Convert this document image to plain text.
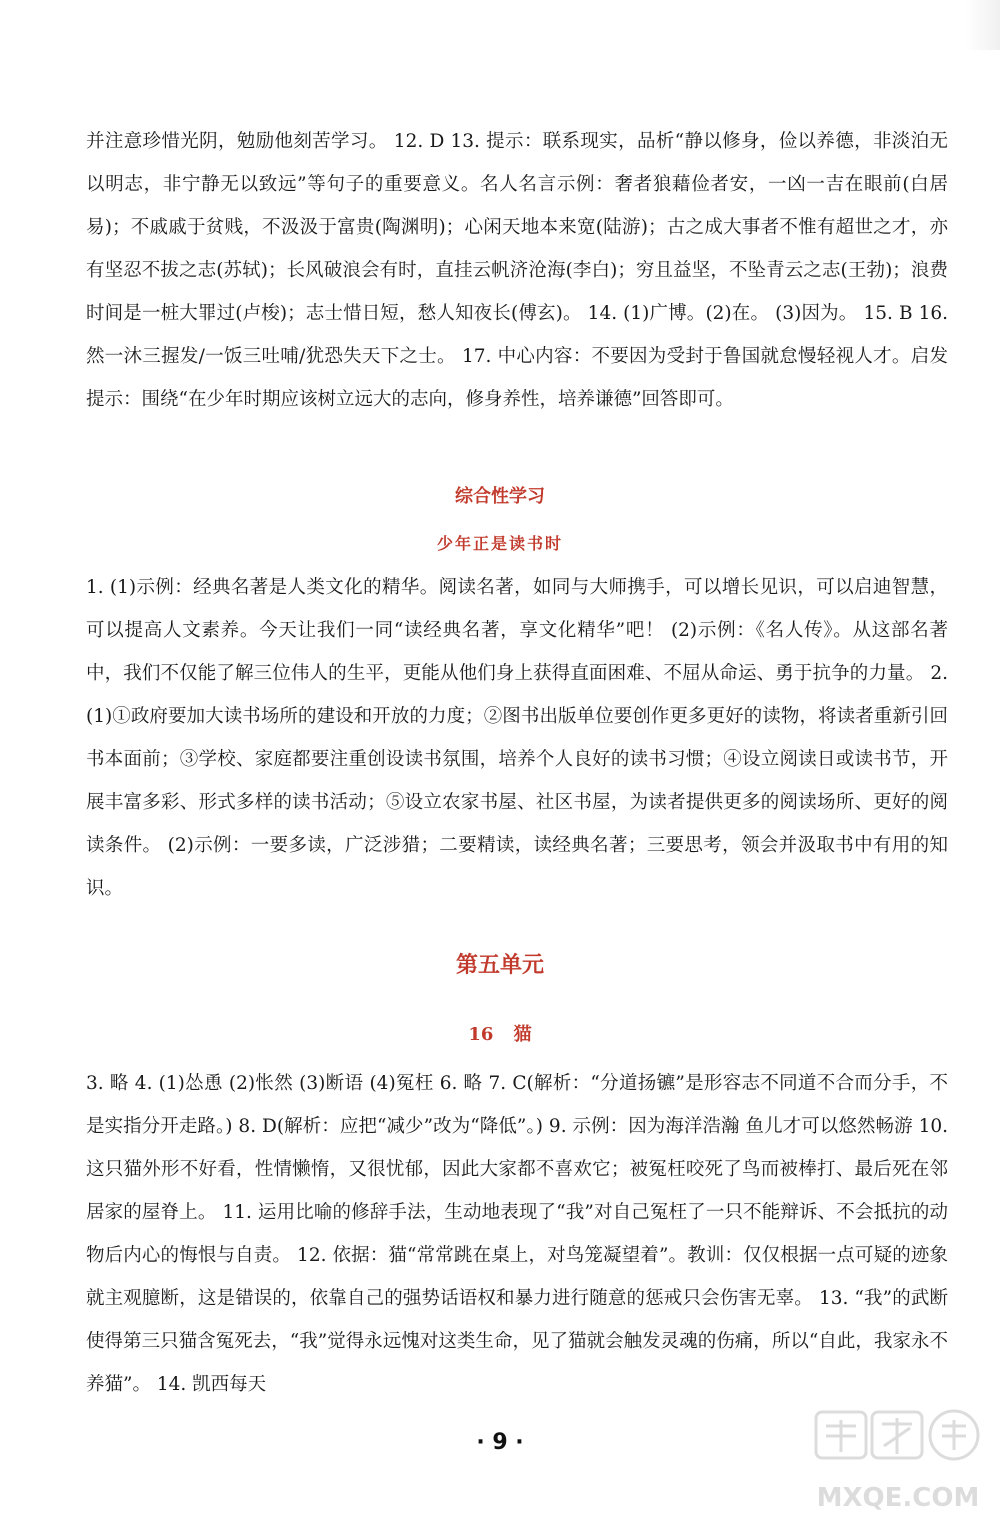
并注意珍惜光阴，勉励他刻苦学习。 12. D 13. 提示：联系现实，品析“静以修身，俭以养德，非淡泊无以明志，非宁静无以致远”等句子的重要意义。名人名言示例：奢者狼藉俭者安，一凶一吉在眼前(白居易)；不戚戚于贫贱，不汲汲于富贵(陶渊明)；心闲天地本来宽(陆游)；古之成大事者不惟有超世之才，亦有坚忍不拔之志(苏轼)；长风破浪会有时，直挂云帆济沧海(李白)；穷且益坚，不坠青云之志(王勃)；浪费时间是一桩大罪过(卢梭)；志士惜日短，愁人知夜长(傅玄)。 14. (1)广博。(2)在。 (3)因为。 15. B 16. 然一沐三握发/一饭三吐哺/犹恐失天下之士。 17. 中心内容：不要因为受封于鲁国就怠慢轻视人才。启发提示：围绕“在少年时期应该树立远大的志向，修身养性，培养谦德”回答即可。

综合性学习
少年正是读书时

1. (1)示例：经典名著是人类文化的精华。阅读名著，如同与大师携手，可以增长见识，可以启迪智慧，可以提高人文素养。今天让我们一同“读经典名著，享文化精华”吧！ (2)示例：《名人传》。从这部名著中，我们不仅能了解三位伟人的生平，更能从他们身上获得直面困难、不屈从命运、勇于抗争的力量。 2. (1)①政府要加大读书场所的建设和开放的力度；②图书出版单位要创作更多更好的读物，将读者重新引回书本面前；③学校、家庭都要注重创设读书氛围，培养个人良好的读书习惯；④设立阅读日或读书节，开展丰富多彩、形式多样的读书活动；⑤设立农家书屋、社区书屋，为读者提供更多的阅读场所、更好的阅读条件。 (2)示例：一要多读，广泛涉猎；二要精读，读经典名著；三要思考，领会并汲取书中有用的知识。

第五单元
16 猫

3. 略 4. (1)怂恿 (2)怅然 (3)断语 (4)冤枉 6. 略 7. C(解析：“分道扬镳”是形容志不同道不合而分手，不是实指分开走路。) 8. D(解析：应把“减少”改为“降低”。) 9. 示例：因为海洋浩瀚 鱼儿才可以悠然畅游 10. 这只猫外形不好看，性情懒惰，又很忧郁，因此大家都不喜欢它；被冤枉咬死了鸟而被棒打、最后死在邻居家的屋脊上。 11. 运用比喻的修辞手法，生动地表现了“我”对自己冤枉了一只不能辩诉、不会抵抗的动物后内心的悔恨与自责。 12. 依据：猫“常常跳在桌上，对鸟笼凝望着”。教训：仅仅根据一点可疑的迹象就主观臆断，这是错误的，依靠自己的强势话语权和暴力进行随意的惩戒只会伤害无辜。 13. “我”的武断使得第三只猫含冤死去，“我”觉得永远愧对这类生命，见了猫就会触发灵魂的伤痛，所以“自此，我家永不养猫”。 14. 凯西每天

· 9 ·
MXQE.COM
